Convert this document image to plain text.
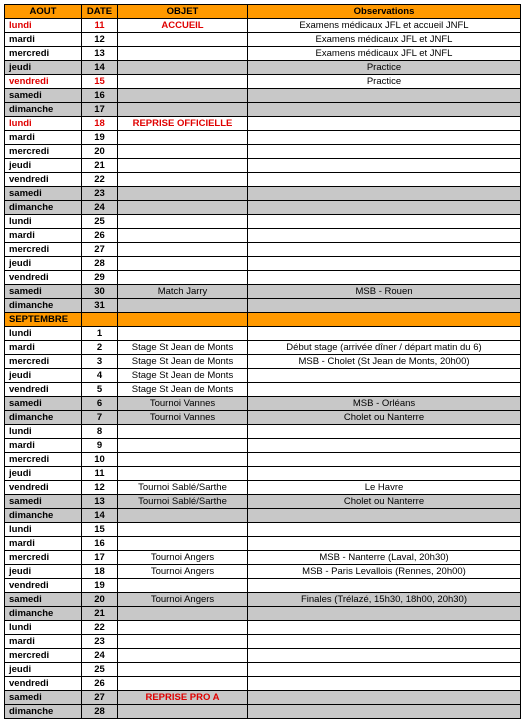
AOUT	DATE	OBJET	Observations
lundi	11	ACCUEIL	Examens médicaux JFL et accueil JNFL
mardi	12		Examens médicaux JFL et JNFL
mercredi	13		Examens médicaux JFL et JNFL
jeudi	14		Practice
vendredi	15		Practice
samedi	16		
dimanche	17		
lundi	18	REPRISE OFFICIELLE	
mardi	19		
mercredi	20		
jeudi	21		
vendredi	22		
samedi	23		
dimanche	24		
lundi	25		
mardi	26		
mercredi	27		
jeudi	28		
vendredi	29		
samedi	30	Match Jarry	MSB - Rouen
dimanche	31		
SEPTEMBRE			
lundi	1		
mardi	2	Stage St Jean de Monts	Début stage (arrivée dîner / départ matin du 6)
mercredi	3	Stage St Jean de Monts	MSB - Cholet (St Jean de Monts, 20h00)
jeudi	4	Stage St Jean de Monts	
vendredi	5	Stage St Jean de Monts	
samedi	6	Tournoi Vannes	MSB - Orléans
dimanche	7	Tournoi Vannes	Cholet ou Nanterre
lundi	8		
mardi	9		
mercredi	10		
jeudi	11		
vendredi	12	Tournoi Sablé/Sarthe	Le Havre
samedi	13	Tournoi Sablé/Sarthe	Cholet ou Nanterre
dimanche	14		
lundi	15		
mardi	16		
mercredi	17	Tournoi Angers	MSB - Nanterre (Laval, 20h30)
jeudi	18	Tournoi Angers	MSB - Paris Levallois (Rennes, 20h00)
vendredi	19		
samedi	20	Tournoi Angers	Finales (Trélazé, 15h30, 18h00, 20h30)
dimanche	21		
lundi	22		
mardi	23		
mercredi	24		
jeudi	25		
vendredi	26		
samedi	27	REPRISE PRO A	
dimanche	28		
